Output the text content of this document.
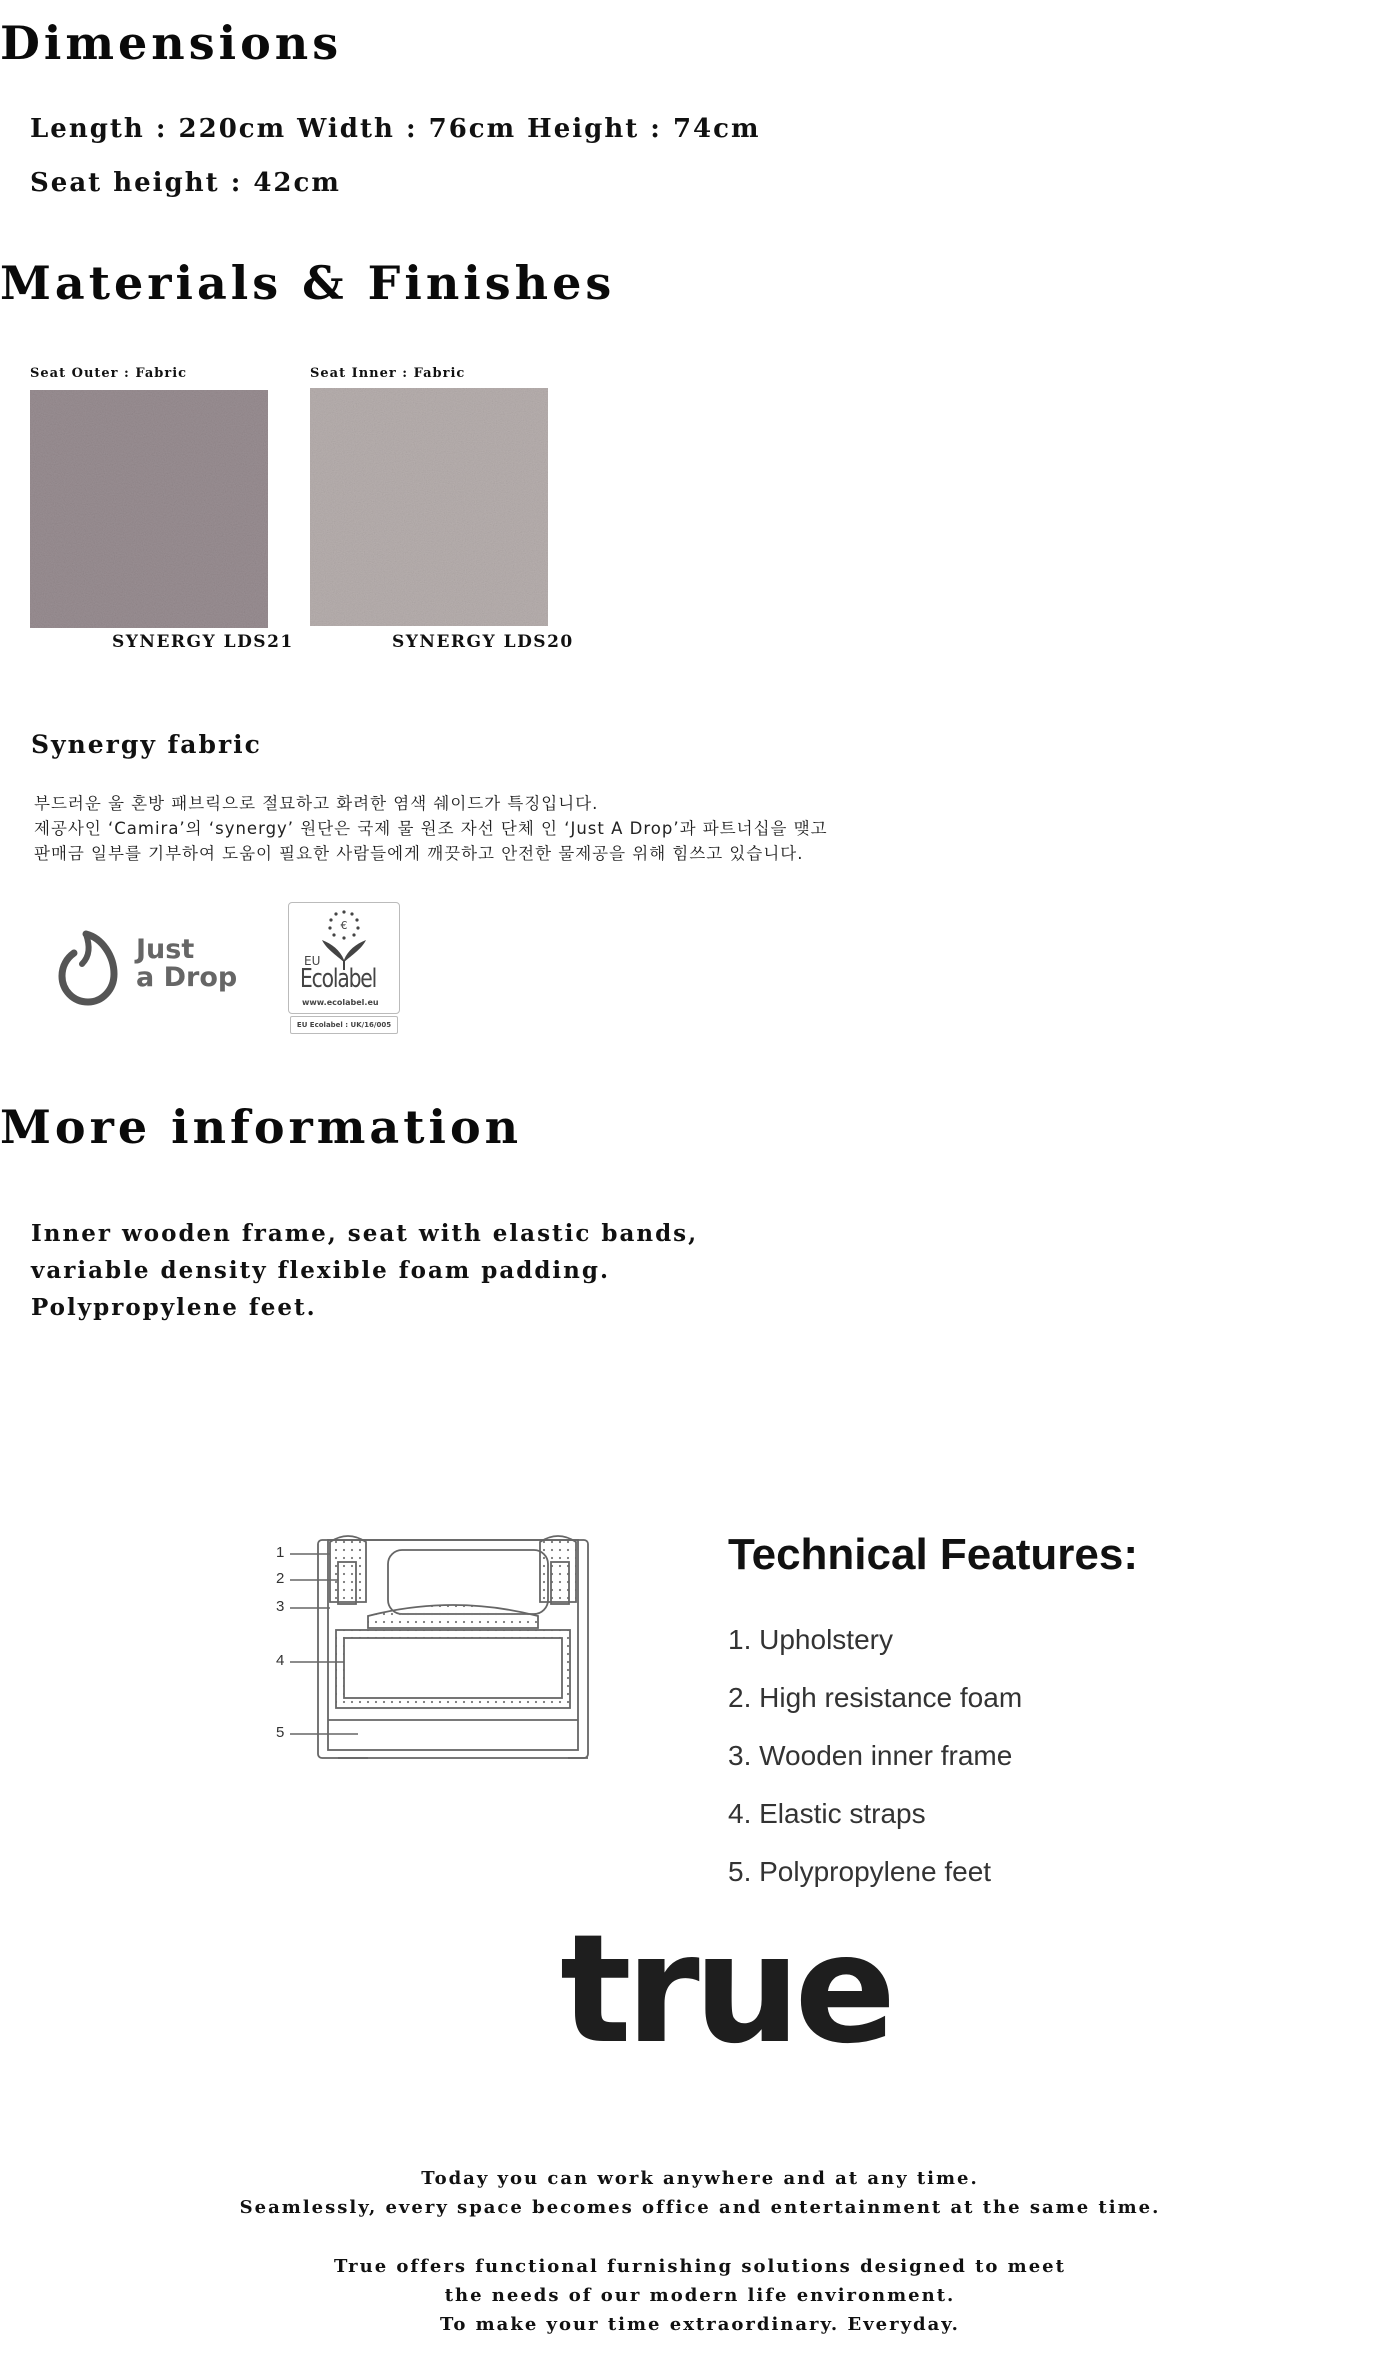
Dimensions
Length : 220cm Width : 76cm Height : 74cm
Seat height : 42cm
Materials & Finishes
Seat Outer : Fabric
SYNERGY LDS21
Seat Inner : Fabric
SYNERGY LDS20
Synergy fabric
부드러운 울 혼방 패브릭으로 절묘하고 화려한 염색 쉐이드가 특징입니다.
제공사인 ‘Camira’의 ‘synergy’ 원단은 국제 물 원조 자선 단체 인 ‘Just A Drop’과 파트너십을 맺고
판매금 일부를 기부하여 도움이 필요한 사람들에게 깨끗하고 안전한 물제공을 위해 힘쓰고 있습니다.
Just
a Drop
€
EU
Ecolabel
www.ecolabel.eu
EU Ecolabel : UK/16/005
More information
Inner wooden frame, seat with elastic bands,
variable density flexible foam padding.
Polypropylene feet.
1
2
3
4
5
Technical Features:
1. Upholstery
2. High resistance foam
3. Wooden inner frame
4. Elastic straps
5. Polypropylene feet
true
Today you can work anywhere and at any time.
Seamlessly, every space becomes office and entertainment at the same time.
True offers functional furnishing solutions designed to meet
the needs of our modern life environment.
To make your time extraordinary. Everyday.
